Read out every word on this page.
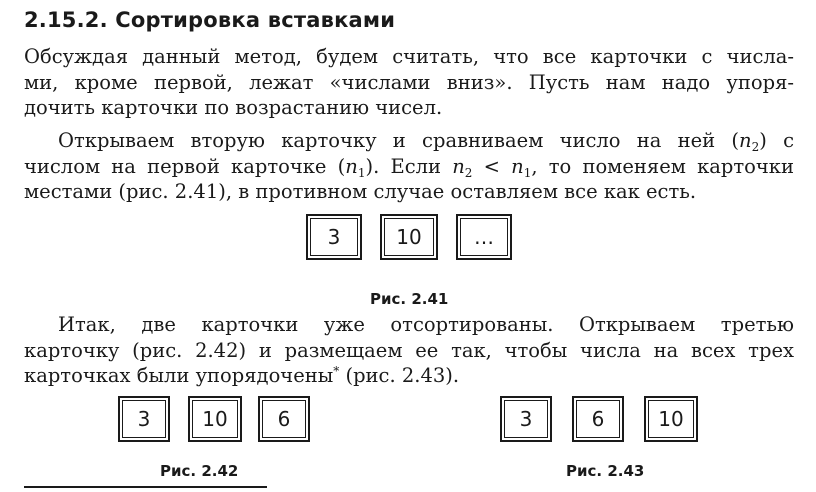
2.15.2. Сортировка вставками

Обсуждая данный метод, будем считать, что все карточки с числа-
ми, кроме первой, лежат «числами вниз». Пусть нам надо упоря-
дочить карточки по возрастанию чисел.

Открываем вторую карточку и сравниваем число на ней $(n_2)$ с
числом на первой карточке $(n_1)$. Если $n_2 < n_1$, то поменяем карточки
местами (рис. 2.41), в противном случае оставляем все как есть.

3	10	…
Рис. 2.41

Итак, две карточки уже отсортированы. Открываем третью
карточку (рис. 2.42) и размещаем ее так, чтобы числа на всех трех
карточках были упорядочены* (рис. 2.43).

3	10	6
Рис. 2.42
3	6	10
Рис. 2.43
